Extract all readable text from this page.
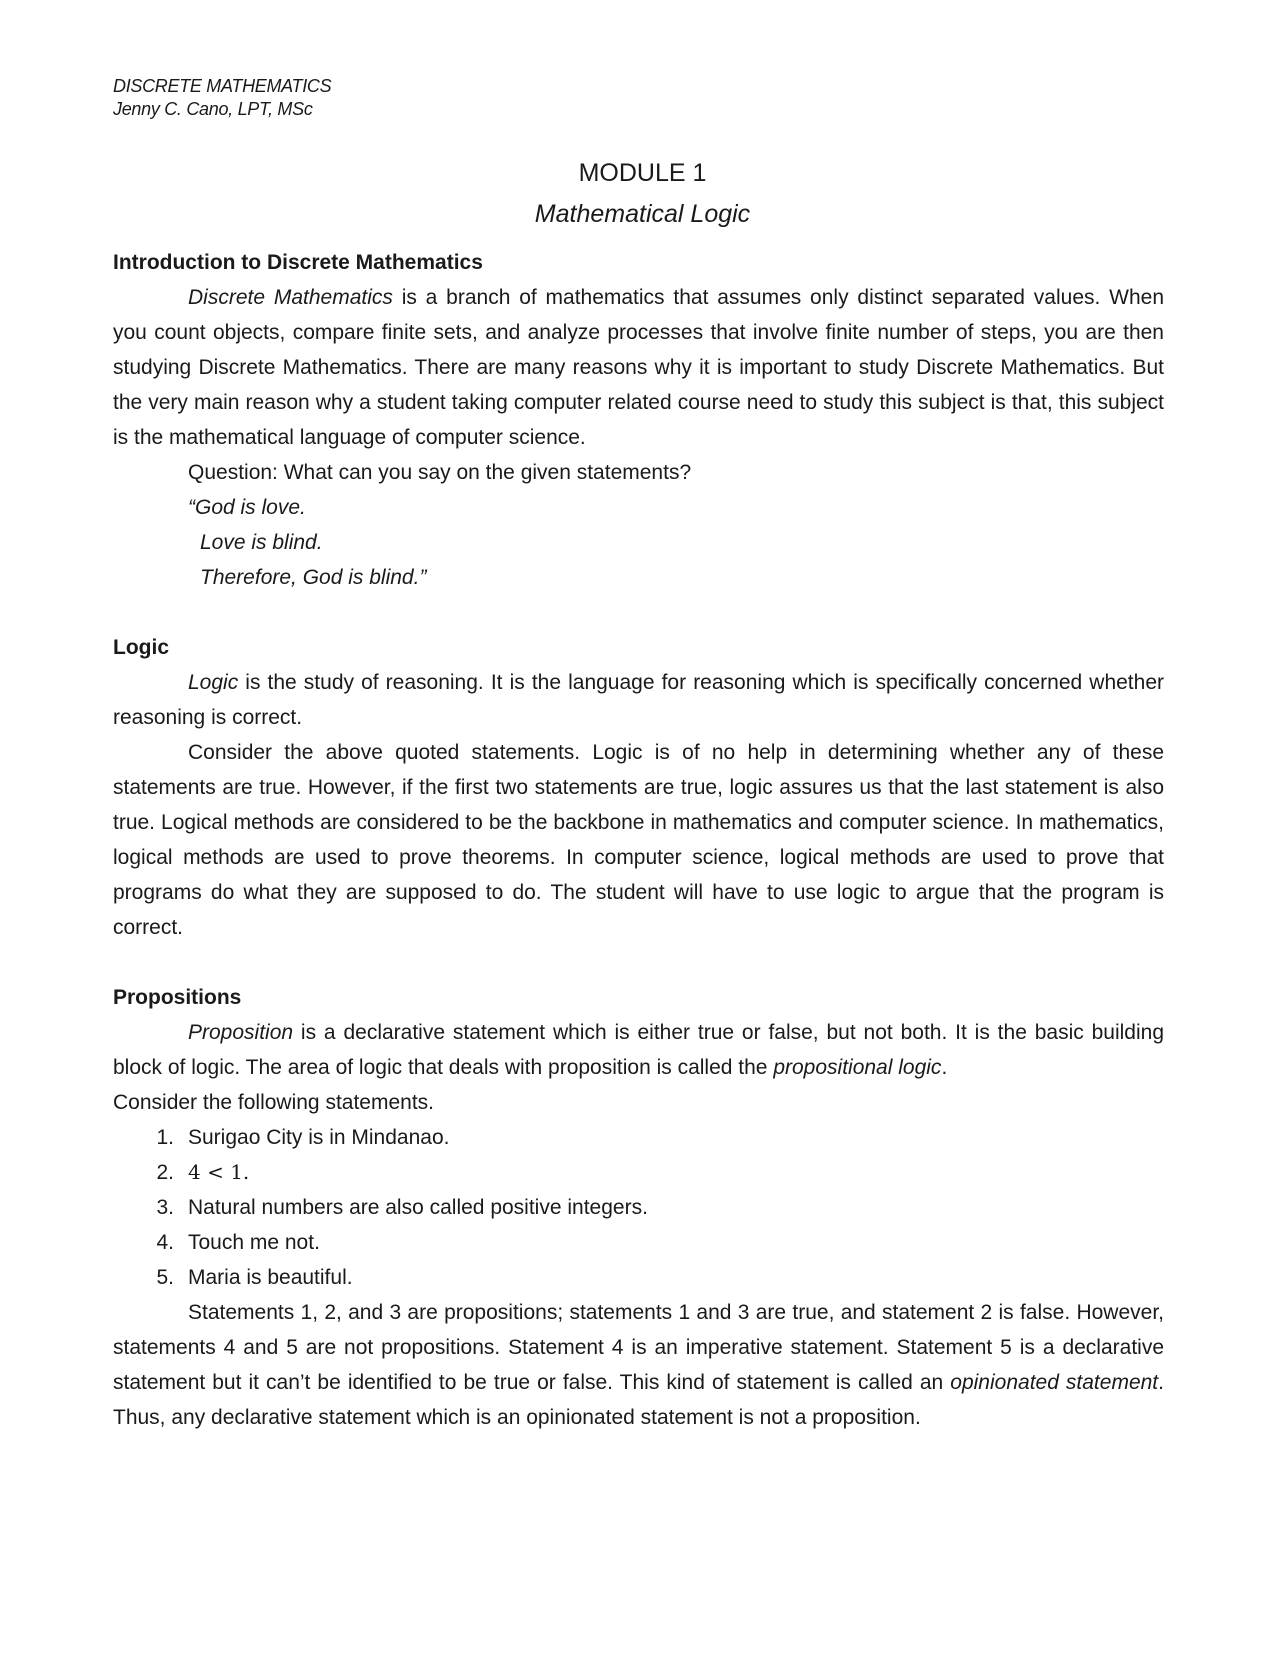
DISCRETE MATHEMATICS
Jenny C. Cano, LPT, MSc
MODULE 1
Mathematical Logic
Introduction to Discrete Mathematics

Discrete Mathematics is a branch of mathematics that assumes only distinct separated values. When you count objects, compare finite sets, and analyze processes that involve finite number of steps, you are then studying Discrete Mathematics. There are many reasons why it is important to study Discrete Mathematics. But the very main reason why a student taking computer related course need to study this subject is that, this subject is the mathematical language of computer science.

Question: What can you say on the given statements?
“God is love.
Love is blind.
Therefore, God is blind.”
Logic

Logic is the study of reasoning. It is the language for reasoning which is specifically concerned whether reasoning is correct.

Consider the above quoted statements. Logic is of no help in determining whether any of these statements are true. However, if the first two statements are true, logic assures us that the last statement is also true. Logical methods are considered to be the backbone in mathematics and computer science. In mathematics, logical methods are used to prove theorems. In computer science, logical methods are used to prove that programs do what they are supposed to do. The student will have to use logic to argue that the program is correct.

Propositions

Proposition is a declarative statement which is either true or false, but not both. It is the basic building block of logic. The area of logic that deals with proposition is called the propositional logic.

Consider the following statements.

1. Surigao City is in Mindanao.
2. 4 < 1.
3. Natural numbers are also called positive integers.
4. Touch me not.
5. Maria is beautiful.

Statements 1, 2, and 3 are propositions; statements 1 and 3 are true, and statement 2 is false. However, statements 4 and 5 are not propositions. Statement 4 is an imperative statement. Statement 5 is a declarative statement but it can’t be identified to be true or false. This kind of statement is called an opinionated statement. Thus, any declarative statement which is an opinionated statement is not a proposition.
